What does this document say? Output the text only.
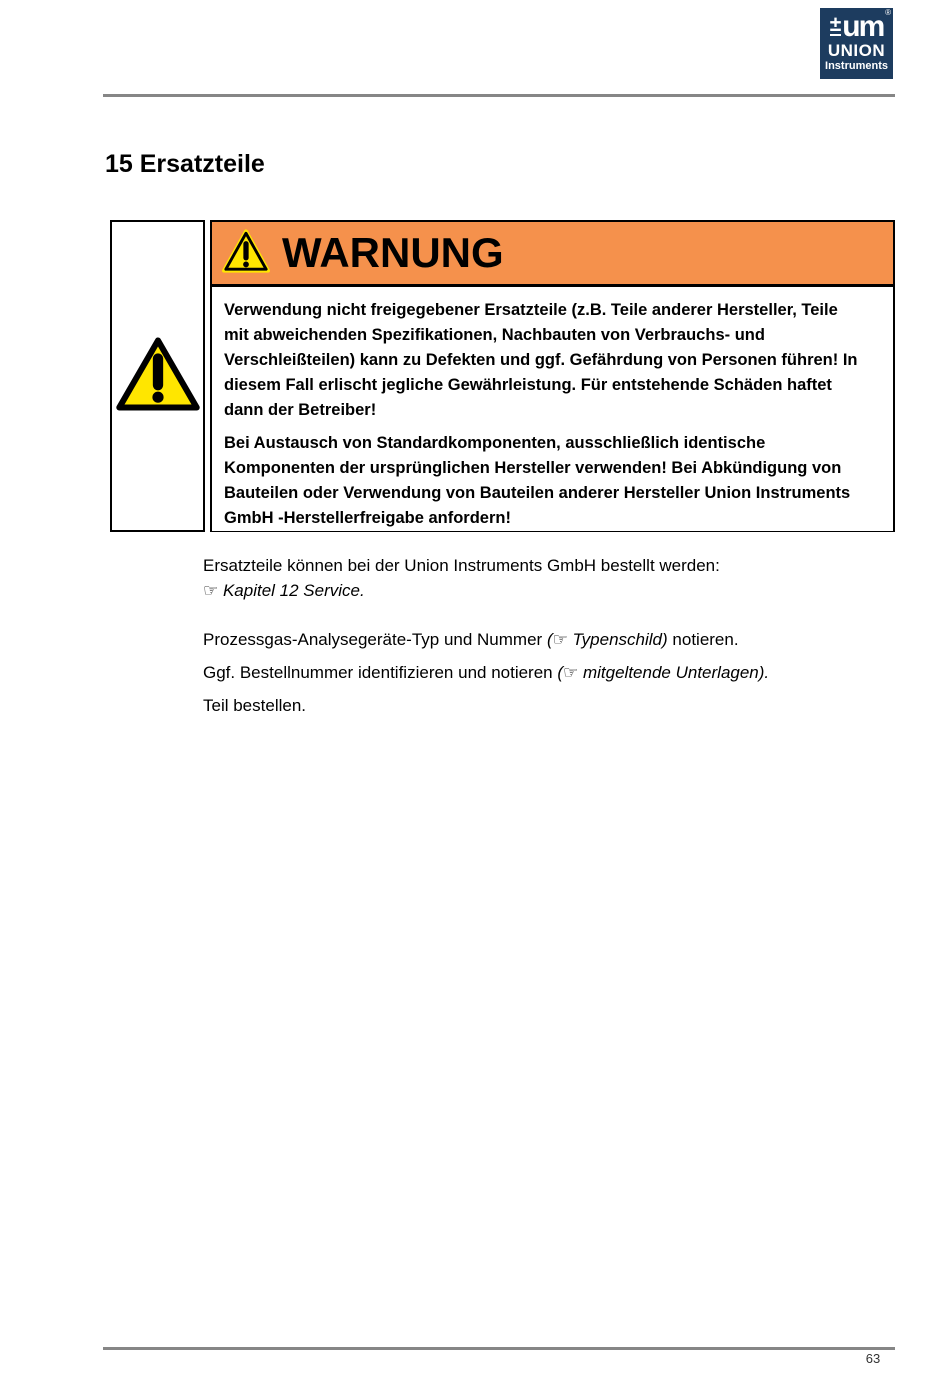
®
± um
UNION
Instruments
15 Ersatzteile
WARNUNG
Verwendung nicht freigegebener Ersatzteile (z.B. Teile anderer Hersteller, Teile
mit abweichenden Spezifikationen, Nachbauten von Verbrauchs- und
Verschleißteilen) kann zu Defekten und ggf. Gefährdung von Personen führen! In
diesem Fall erlischt jegliche Gewährleistung. Für entstehende Schäden haftet
dann der Betreiber!
Bei Austausch von Standardkomponenten, ausschließlich identische
Komponenten der ursprünglichen Hersteller verwenden! Bei Abkündigung von
Bauteilen oder Verwendung von Bauteilen anderer Hersteller Union Instruments
GmbH -Herstellerfreigabe anfordern!

Ersatzteile können bei der Union Instruments GmbH bestellt werden:
☞ Kapitel 12 Service.

Prozessgas-Analysegeräte-Typ und Nummer (☞ Typenschild) notieren.

Ggf. Bestellnummer identifizieren und notieren (☞ mitgeltende Unterlagen).

Teil bestellen.

63
